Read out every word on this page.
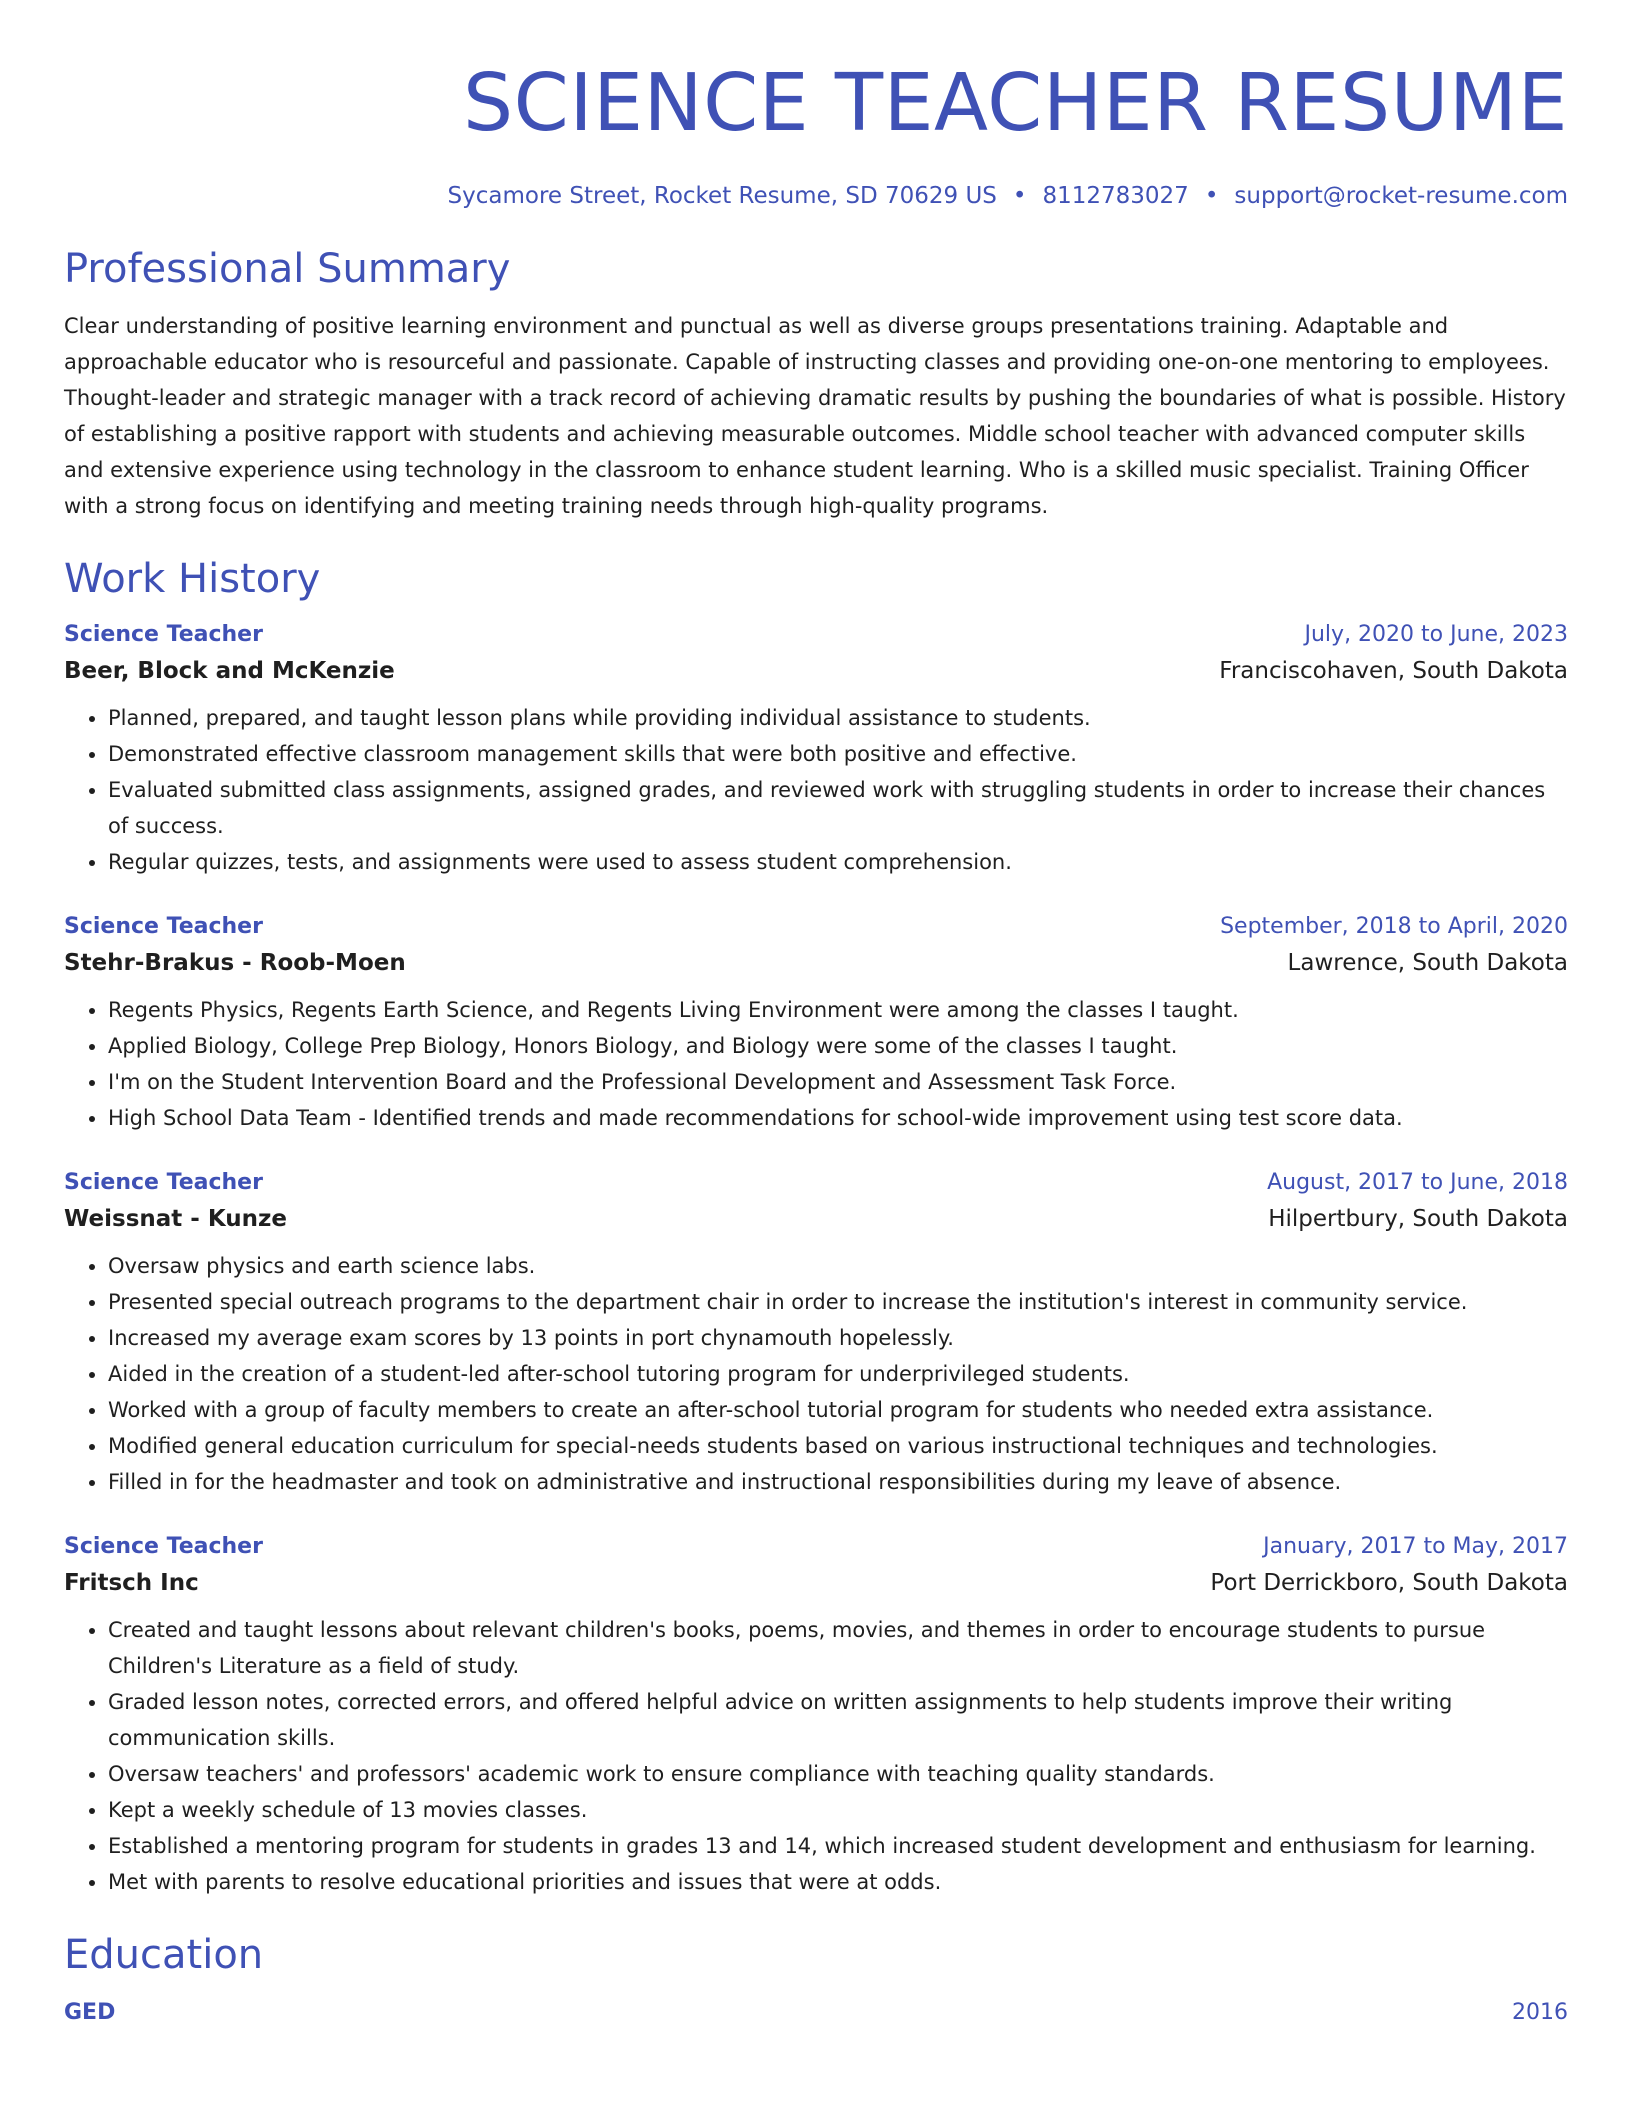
SCIENCE TEACHER RESUME
Sycamore Street, Rocket Resume, SD 70629 US • 8112783027 • support@rocket-resume.com
Professional Summary
Clear understanding of positive learning environment and punctual as well as diverse groups presentations training. Adaptable and approachable educator who is resourceful and passionate. Capable of instructing classes and providing one-on-one mentoring to employees. Thought-leader and strategic manager with a track record of achieving dramatic results by pushing the boundaries of what is possible. History of establishing a positive rapport with students and achieving measurable outcomes. Middle school teacher with advanced computer skills and extensive experience using technology in the classroom to enhance student learning. Who is a skilled music specialist. Training Officer with a strong focus on identifying and meeting training needs through high-quality programs.
Work History
Science Teacher	July, 2020 to June, 2023
Beer, Block and McKenzie	Franciscohaven, South Dakota
• Planned, prepared, and taught lesson plans while providing individual assistance to students.
• Demonstrated effective classroom management skills that were both positive and effective.
• Evaluated submitted class assignments, assigned grades, and reviewed work with struggling students in order to increase their chances of success.
• Regular quizzes, tests, and assignments were used to assess student comprehension.
Science Teacher	September, 2018 to April, 2020
Stehr-Brakus - Roob-Moen	Lawrence, South Dakota
• Regents Physics, Regents Earth Science, and Regents Living Environment were among the classes I taught.
• Applied Biology, College Prep Biology, Honors Biology, and Biology were some of the classes I taught.
• I'm on the Student Intervention Board and the Professional Development and Assessment Task Force.
• High School Data Team - Identified trends and made recommendations for school-wide improvement using test score data.
Science Teacher	August, 2017 to June, 2018
Weissnat - Kunze	Hilpertbury, South Dakota
• Oversaw physics and earth science labs.
• Presented special outreach programs to the department chair in order to increase the institution's interest in community service.
• Increased my average exam scores by 13 points in port chynamouth hopelessly.
• Aided in the creation of a student-led after-school tutoring program for underprivileged students.
• Worked with a group of faculty members to create an after-school tutorial program for students who needed extra assistance.
• Modified general education curriculum for special-needs students based on various instructional techniques and technologies.
• Filled in for the headmaster and took on administrative and instructional responsibilities during my leave of absence.
Science Teacher	January, 2017 to May, 2017
Fritsch Inc	Port Derrickboro, South Dakota
• Created and taught lessons about relevant children's books, poems, movies, and themes in order to encourage students to pursue Children's Literature as a field of study.
• Graded lesson notes, corrected errors, and offered helpful advice on written assignments to help students improve their writing communication skills.
• Oversaw teachers' and professors' academic work to ensure compliance with teaching quality standards.
• Kept a weekly schedule of 13 movies classes.
• Established a mentoring program for students in grades 13 and 14, which increased student development and enthusiasm for learning.
• Met with parents to resolve educational priorities and issues that were at odds.
Education
GED	2016
